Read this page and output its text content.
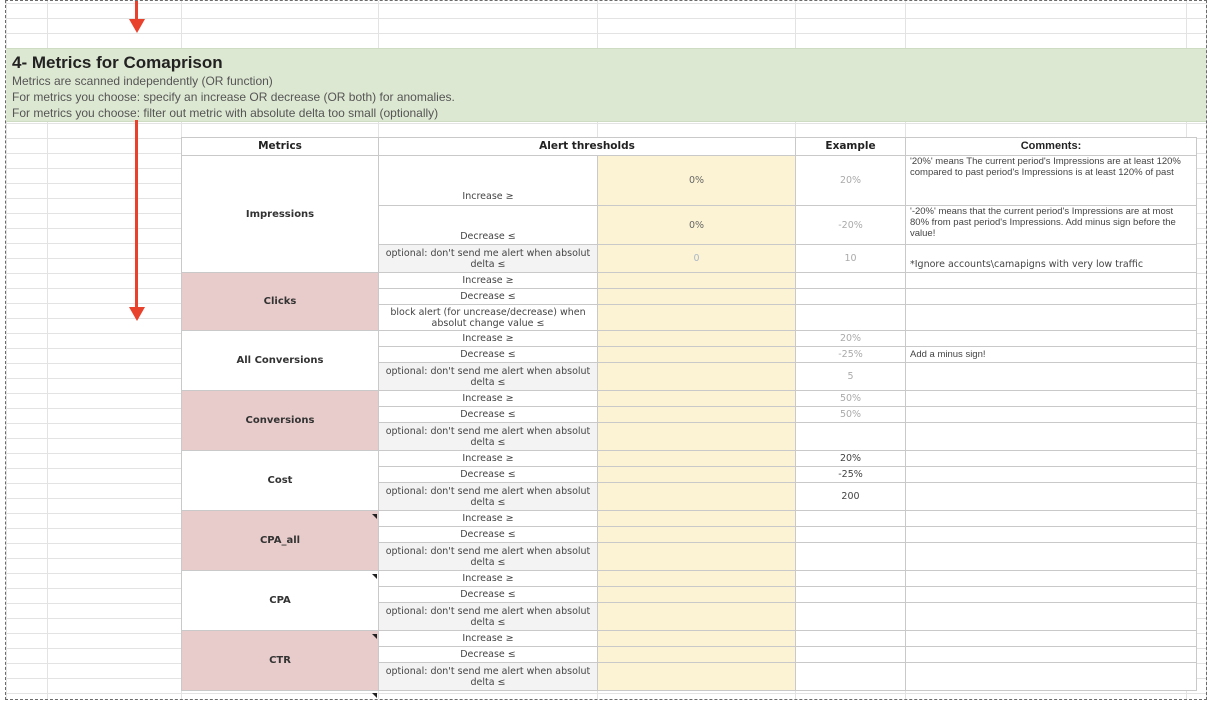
4- Metrics for Comaprison
Metrics are scanned independently (OR function)
For metrics you choose: specify an increase OR decrease (OR both) for anomalies.
For metrics you choose: filter out metric with absolute delta too small (optionally)
Metrics	Alert thresholds		Example	Comments:
Impressions	Increase ≥	0%	20%	'20%' means The current period's Impressions are at least 120% compared to past period's Impressions is at least 120% of past
	Decrease ≤	0%	-20%	'-20%' means that the current period's Impressions are at most 80% from past period's Impressions. Add minus sign before the value!
	optional: don't send me alert when absolut delta ≤	0	10	*Ignore accounts\camapigns with very low traffic
Clicks	Increase ≥			
	Decrease ≤			
	block alert (for uncrease/decrease) when absolut change value ≤			
All Conversions	Increase ≥		20%	
	Decrease ≤		-25%	Add a minus sign!
	optional: don't send me alert when absolut delta ≤		5	
Conversions	Increase ≥		50%	
	Decrease ≤		50%	
	optional: don't send me alert when absolut delta ≤			
Cost	Increase ≥		20%	
	Decrease ≤		-25%	
	optional: don't send me alert when absolut delta ≤		200	
CPA_all	Increase ≥			
	Decrease ≤			
	optional: don't send me alert when absolut delta ≤			
CPA	Increase ≥			
	Decrease ≤			
	optional: don't send me alert when absolut delta ≤			
CTR	Increase ≥			
	Decrease ≤			
	optional: don't send me alert when absolut delta ≤			
